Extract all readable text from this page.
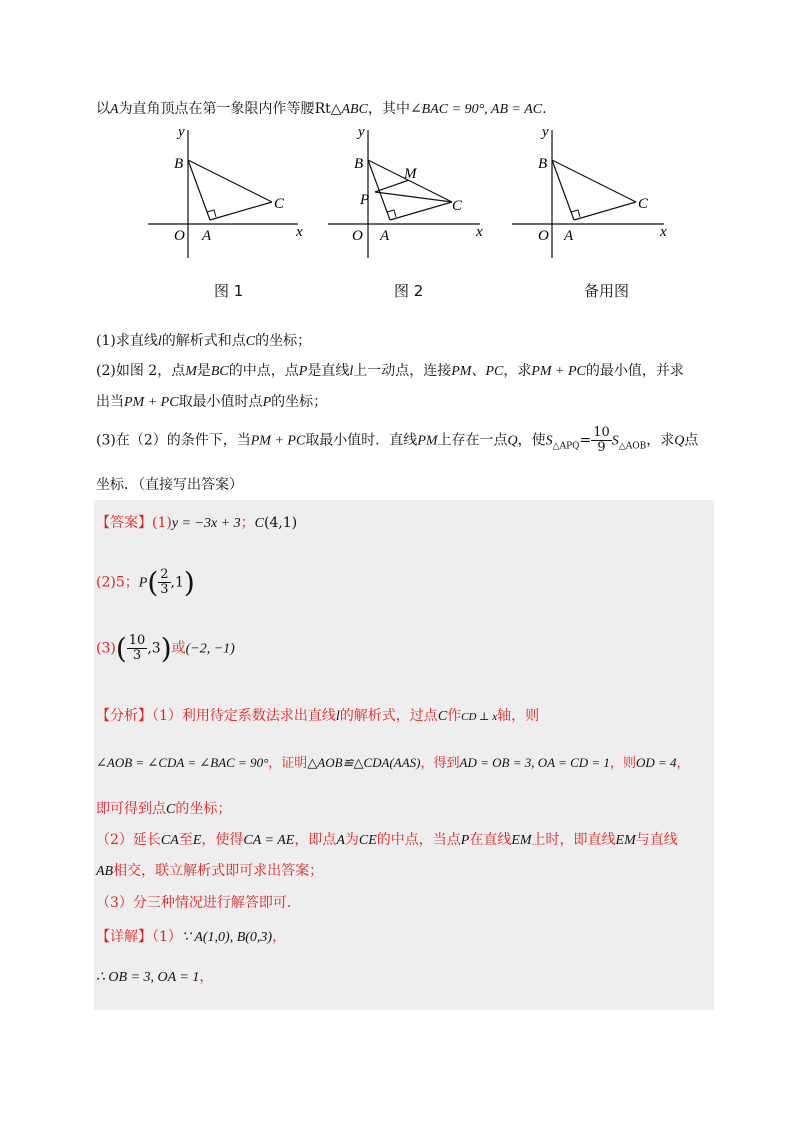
以A为直角顶点在第一象限内作等腰Rt△ABC，其中∠BAC = 90°, AB = AC.
y
x
O A
B
C
y
x
O A
B
C
M
P
y
x
O A
B
C
图 1	图 2	备用图
(1)求直线l的解析式和点C的坐标；
(2)如图 2，点M是BC的中点，点P是直线l上一动点，连接PM、PC，求PM + PC的最小值，并求
出当PM + PC取最小值时点P的坐标；
(3)在（2）的条件下，当PM + PC取最小值时．直线PM上存在一点Q，使$S_{\triangle APQ}= \frac{10}{9} S_{\triangle AOB}$，求Q点
坐标．（直接写出答案）
【答案】(1)y = −3x + 3；C(4,1)
(2)5；$P( \frac{2}{3} ,1)$
$(3)( \frac{10}{3} ,3)$或(−2, −1)
【分析】（1）利用待定系数法求出直线l的解析式，过点C作CD ⊥ x轴，则
∠AOB = ∠CDA = ∠BAC = 90°，证明△AOB≌△CDA(AAS)，得到AD = OB = 3, OA = CD = 1，则OD = 4，
即可得到点C的坐标；
（2）延长CA至E，使得CA = AE，即点A为CE的中点，当点P在直线EM上时，即直线EM与直线
AB相交，联立解析式即可求出答案；
（3）分三种情况进行解答即可.
【详解】（1）∵ A(1,0), B(0,3)，
∴ OB = 3, OA = 1，
